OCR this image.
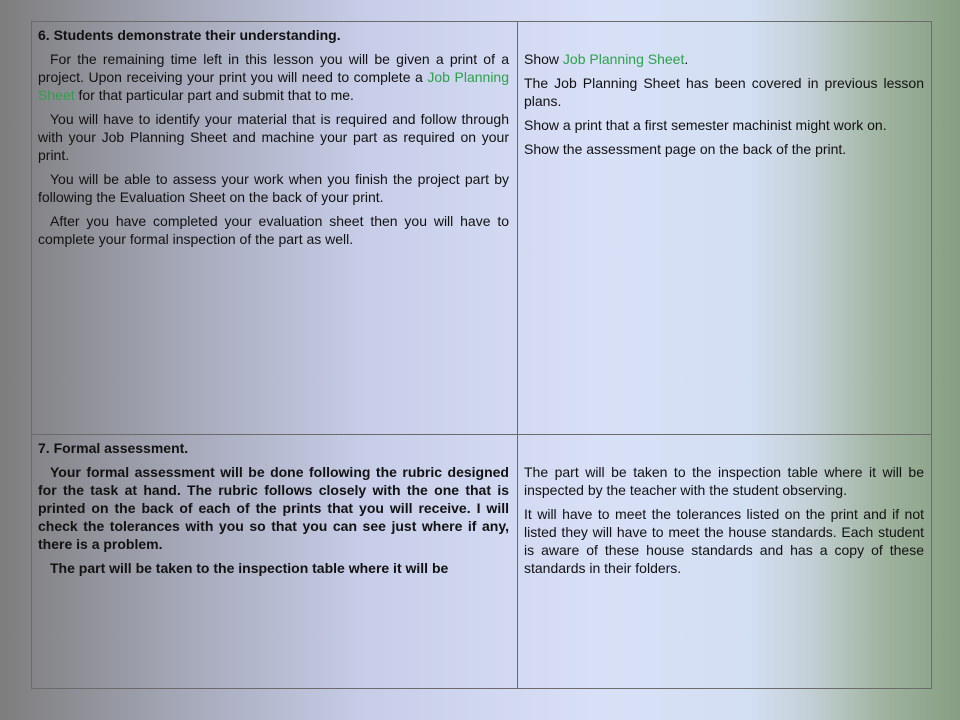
6. Students demonstrate their understanding.

For the remaining time left in this lesson you will be given a print of a project. Upon receiving your print you will need to complete a Job Planning Sheet for that particular part and submit that to me.

You will have to identify your material that is required and follow through with your Job Planning Sheet and machine your part as required on your print.

You will be able to assess your work when you finish the project part by following the Evaluation Sheet on the back of your print.

After you have completed your evaluation sheet then you will have to complete your formal inspection of the part as well.

Show Job Planning Sheet.

The Job Planning Sheet has been covered in previous lesson plans.

Show a print that a first semester machinist might work on.

Show the assessment page on the back of the print.

7. Formal assessment.

Your formal assessment will be done following the rubric designed for the task at hand. The rubric follows closely with the one that is printed on the back of each of the prints that you will receive. I will check the tolerances with you so that you can see just where if any, there is a problem.

The part will be taken to the inspection table where it will be

The part will be taken to the inspection table where it will be inspected by the teacher with the student observing.

It will have to meet the tolerances listed on the print and if not listed they will have to meet the house standards. Each student is aware of these house standards and has a copy of these standards in their folders.
